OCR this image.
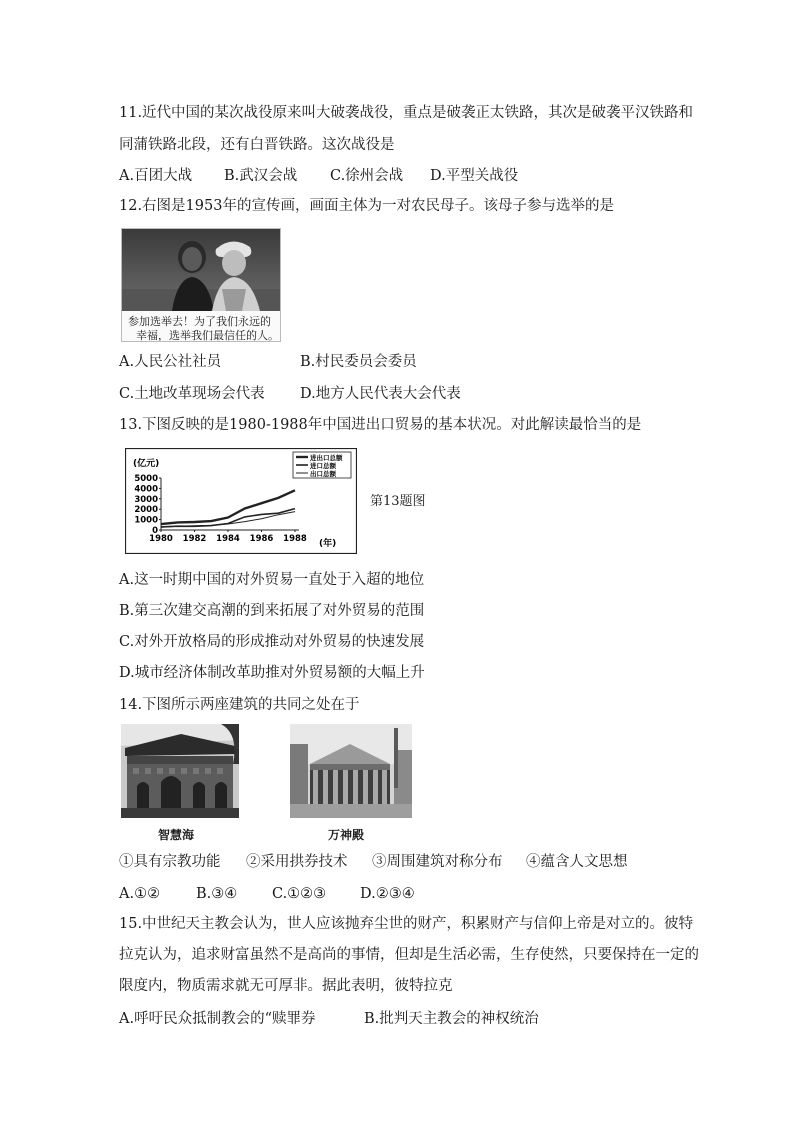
11.近代中国的某次战役原来叫大破袭战役，重点是破袭正太铁路，其次是破袭平汉铁路和
同蒲铁路北段，还有白晋铁路。这次战役是
A.百团大战 B.武汉会战 C.徐州会战 D.平型关战役
12.右图是1953年的宣传画，画面主体为一对农民母子。该母子参与选举的是
参加选举去！为了我们永远的
幸福，选举我们最信任的人。
A.人民公社社员	B.村民委员会委员
C.土地改革现场会代表 D.地方人民代表大会代表
13.下图反映的是1980-1988年中国进出口贸易的基本状况。对此解读最恰当的是
0
1000
2000
3000
4000
5000
1980 1982 1984 1986 1988
进出口总额
进口总额
出口总额
(亿元)
(年)
第13题图
A.这一时期中国的对外贸易一直处于入超的地位
B.第三次建交高潮的到来拓展了对外贸易的范围
C.对外开放格局的形成推动对外贸易的快速发展
D.城市经济体制改革助推对外贸易额的大幅上升
14.下图所示两座建筑的共同之处在于
智慧海	万神殿
①具有宗教功能 ②采用拱券技术 ③周围建筑对称分布 ④蕴含人文思想
A.①② B.③④ C.①②③ D.②③④
15.中世纪天主教会认为，世人应该抛弃尘世的财产，积累财产与信仰上帝是对立的。彼特
拉克认为，追求财富虽然不是高尚的事情，但却是生活必需，生存使然，只要保持在一定的
限度内，物质需求就无可厚非。据此表明，彼特拉克
A.呼吁民众抵制教会的“赎罪券	B.批判天主教会的神权统治
